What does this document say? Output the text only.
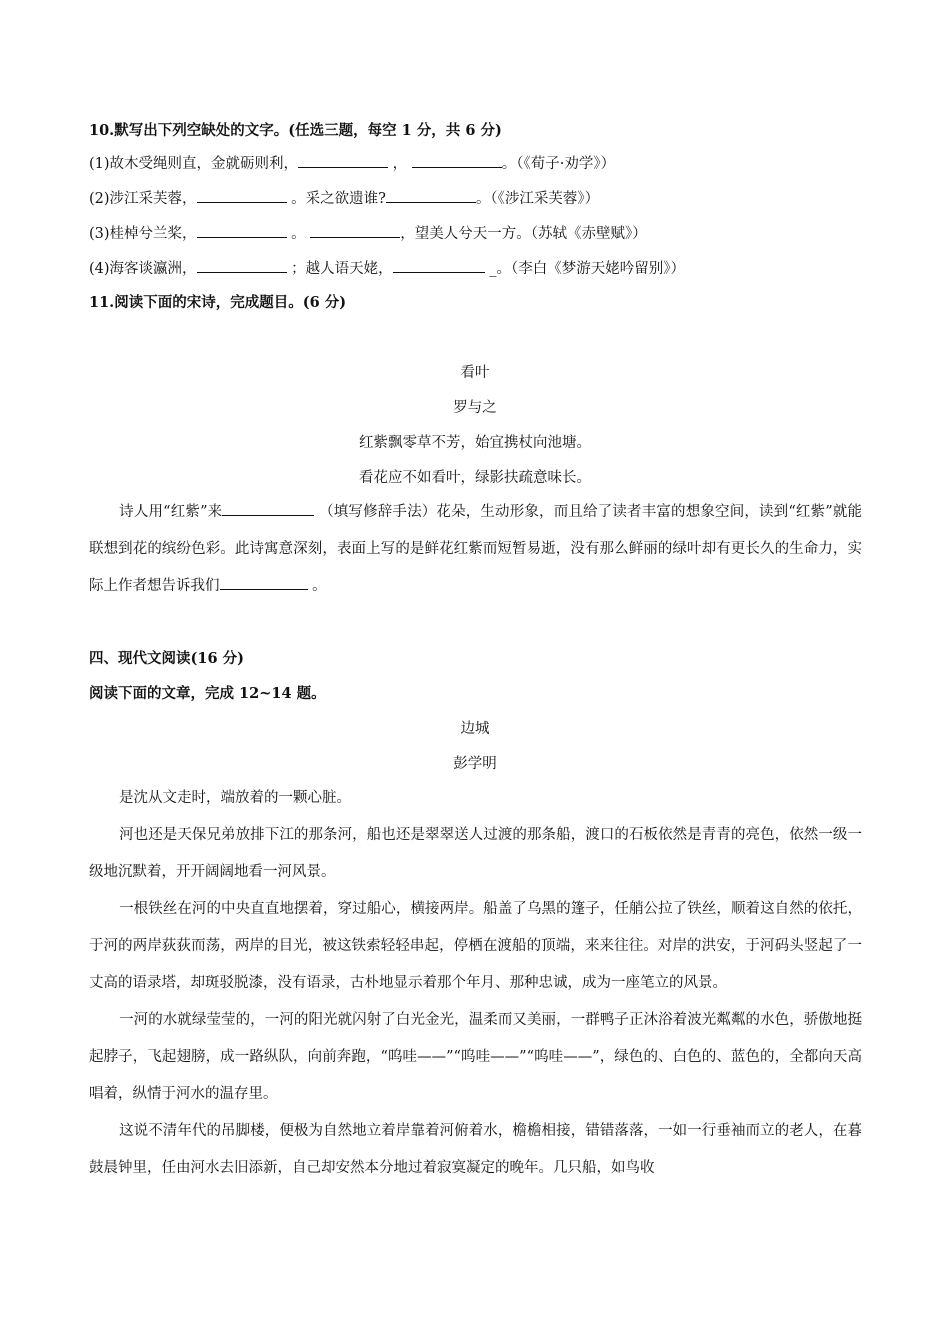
10.默写出下列空缺处的文字。(任选三题，每空 1 分，共 6 分)
(1)故木受绳则直，金就砺则利，	，	。（《荀子·劝学》）
(2)涉江采芙蓉，	。采之欲遗谁?	。（《涉江采芙蓉》）
(3)桂棹兮兰桨，	。	，望美人兮天一方。（苏轼《赤壁赋》）
(4)海客谈瀛洲，	；越人语天姥，	_。（李白《梦游天姥吟留别》）
11.阅读下面的宋诗，完成题目。(6 分)
看叶
罗与之
红紫飘零草不芳，始宜携杖向池塘。
看花应不如看叶，绿影扶疏意味长。
诗人用“红紫”来	（填写修辞手法）花朵，生动形象，而且给了读者丰富的想象空间，读到“红紫”就能联想到花的缤纷色彩。此诗寓意深刻，表面上写的是鲜花红紫而短暂易逝，没有那么鲜丽的绿叶却有更长久的生命力，实际上作者想告诉我们	。
四、现代文阅读(16 分)
阅读下面的文章，完成 12~14 题。
边城
彭学明
是沈从文走时，端放着的一颗心脏。
河也还是天保兄弟放排下江的那条河，船也还是翠翠送人过渡的那条船，渡口的石板依然是青青的亮色，依然一级一级地沉默着，开开阔阔地看一河风景。
一根铁丝在河的中央直直地摆着，穿过船心，横接两岸。船盖了乌黑的篷子，任艄公拉了铁丝，顺着这自然的依托，于河的两岸荻荻而荡，两岸的目光，被这铁索轻轻串起，停栖在渡船的顶端，来来往往。对岸的洪安，于河码头竖起了一丈高的语录塔，却斑驳脱漆，没有语录，古朴地显示着那个年月、那种忠诚，成为一座笔立的风景。
一河的水就绿莹莹的，一河的阳光就闪射了白光金光，温柔而又美丽，一群鸭子正沐浴着波光粼粼的水色，骄傲地挺起脖子，飞起翅膀，成一路纵队，向前奔跑，“呜哇——”“呜哇——”“呜哇——”，绿色的、白色的、蓝色的，全都向天高唱着，纵情于河水的温存里。
这说不清年代的吊脚楼，便极为自然地立着岸靠着河俯着水，檐檐相接，错错落落，一如一行垂袖而立的老人，在暮鼓晨钟里，任由河水去旧添新，自己却安然本分地过着寂寞凝定的晚年。几只船，如鸟收
